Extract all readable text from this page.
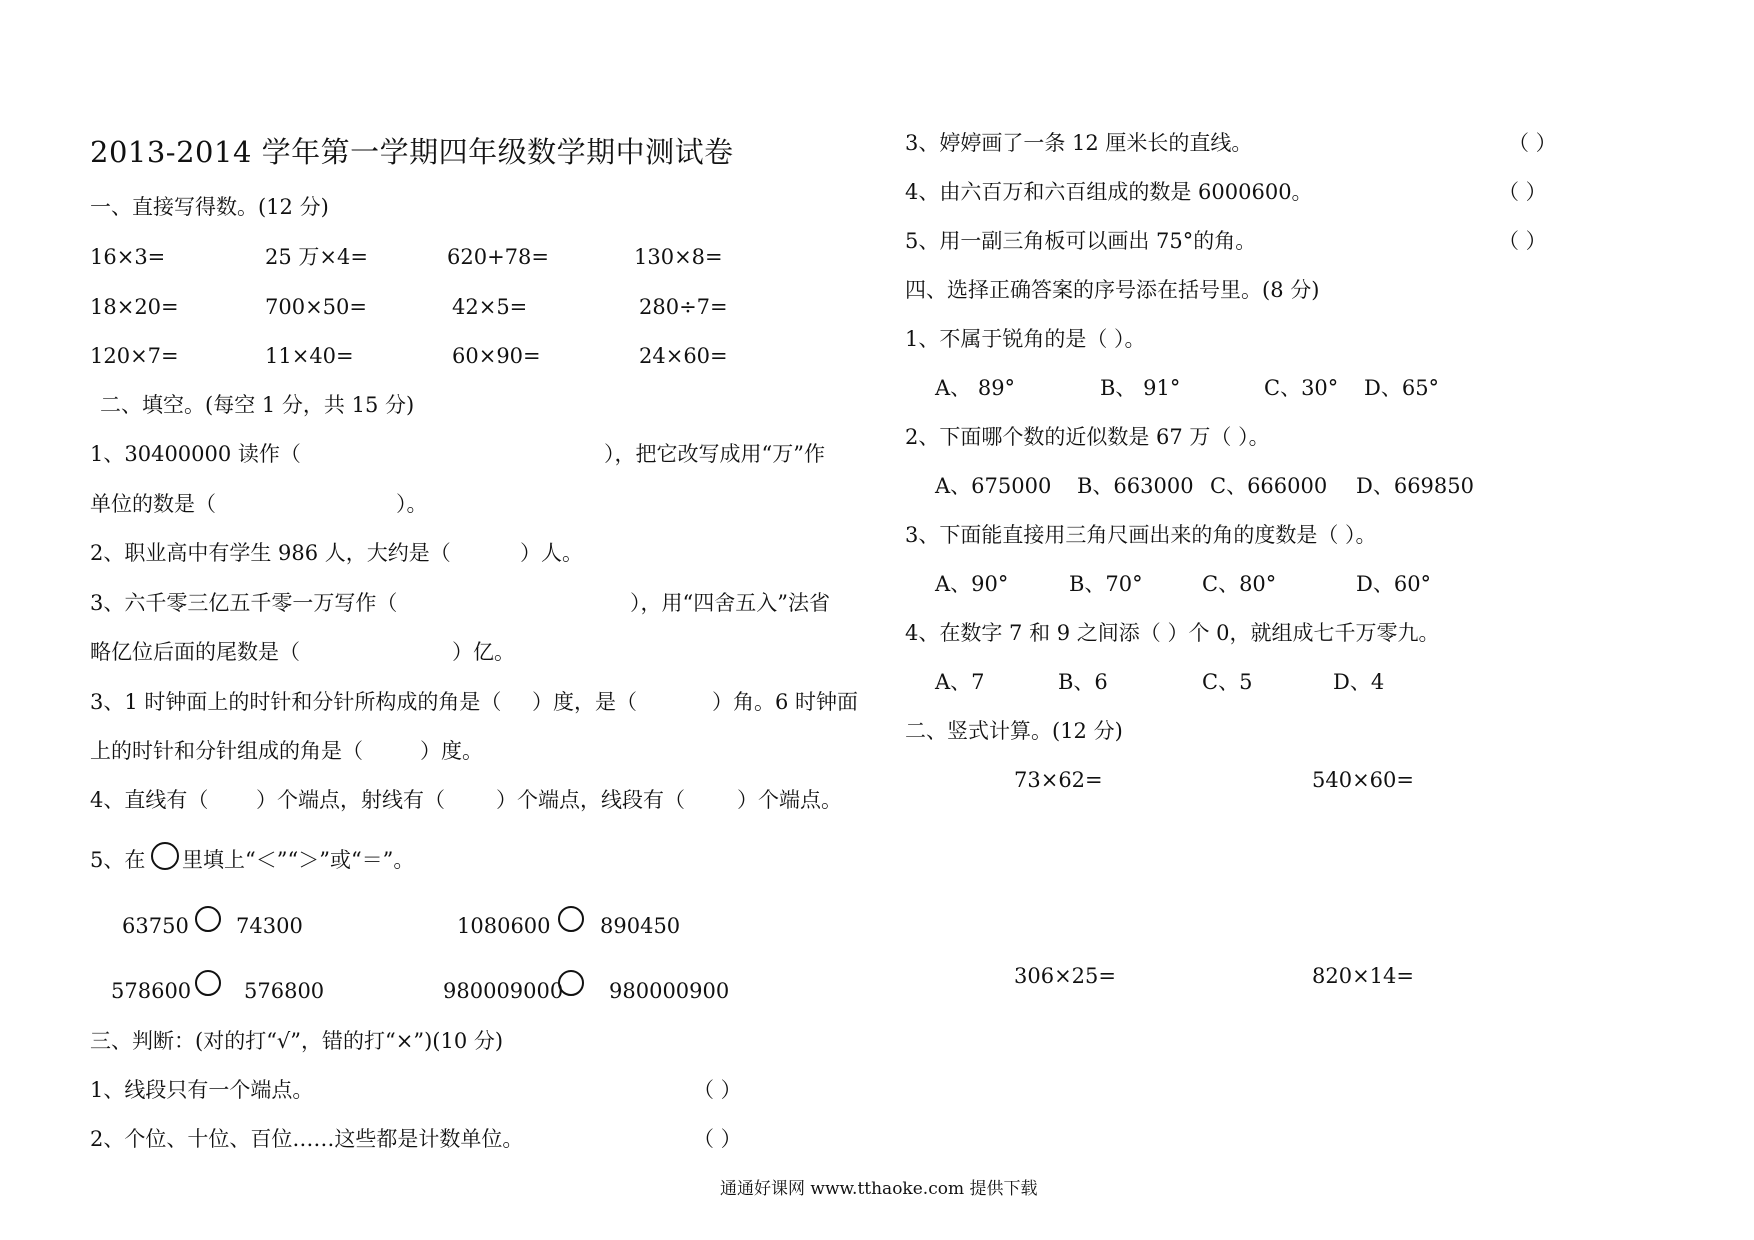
2013-2014 学年第一学期四年级数学期中测试卷
一、直接写得数。(12 分)
16×3=	25 万×4=	620+78=	130×8=
18×20=	700×50=	42×5=	280÷7=
120×7=	11×40=	60×90=	24×60=
二、填空。(每空 1 分，共 15 分)
1、30400000 读作（	），把它改写成用“万”作
单位的数是（	）。
2、职业高中有学生 986 人，大约是（	）人。
3、六千零三亿五千零一万写作（	），用“四舍五入”法省
略亿位后面的尾数是（	）亿。
3、1 时钟面上的时针和分针所构成的角是（ ）度，是（	）角。6 时钟面
上的时针和分针组成的角是（	）度。
4、直线有（ ）个端点，射线有（ ）个端点，线段有（ ）个端点。
5、在 里填上“＜”“＞”或“＝”。
63750 74300	1080600 890450
578600	576800	980009000 980000900
三、判断：(对的打“√”，错的打“×”)(10 分)
1、线段只有一个端点。	（ ）
2、个位、十位、百位……这些都是计数单位。	（ ）
3、婷婷画了一条 12 厘米长的直线。	（ ）
4、由六百万和六百组成的数是 6000600。	（ ）
5、用一副三角板可以画出 75°的角。	（ ）
四、选择正确答案的序号添在括号里。(8 分)
1、不属于锐角的是（ ）。
A、 89°	B、 91°	C、30° D、65°
2、下面哪个数的近似数是 67 万（ ）。
A、675000 B、663000 C、666000 D、669850
3、下面能直接用三角尺画出来的角的度数是（ ）。
A、90°	B、70°	C、80°	D、60°
4、在数字 7 和 9 之间添（ ）个 0，就组成七千万零九。
A、7	B、6	C、5	D、4
二、竖式计算。(12 分)
73×62=	540×60=
306×25=	820×14=
通通好课网 www.tthaoke.com 提供下载
